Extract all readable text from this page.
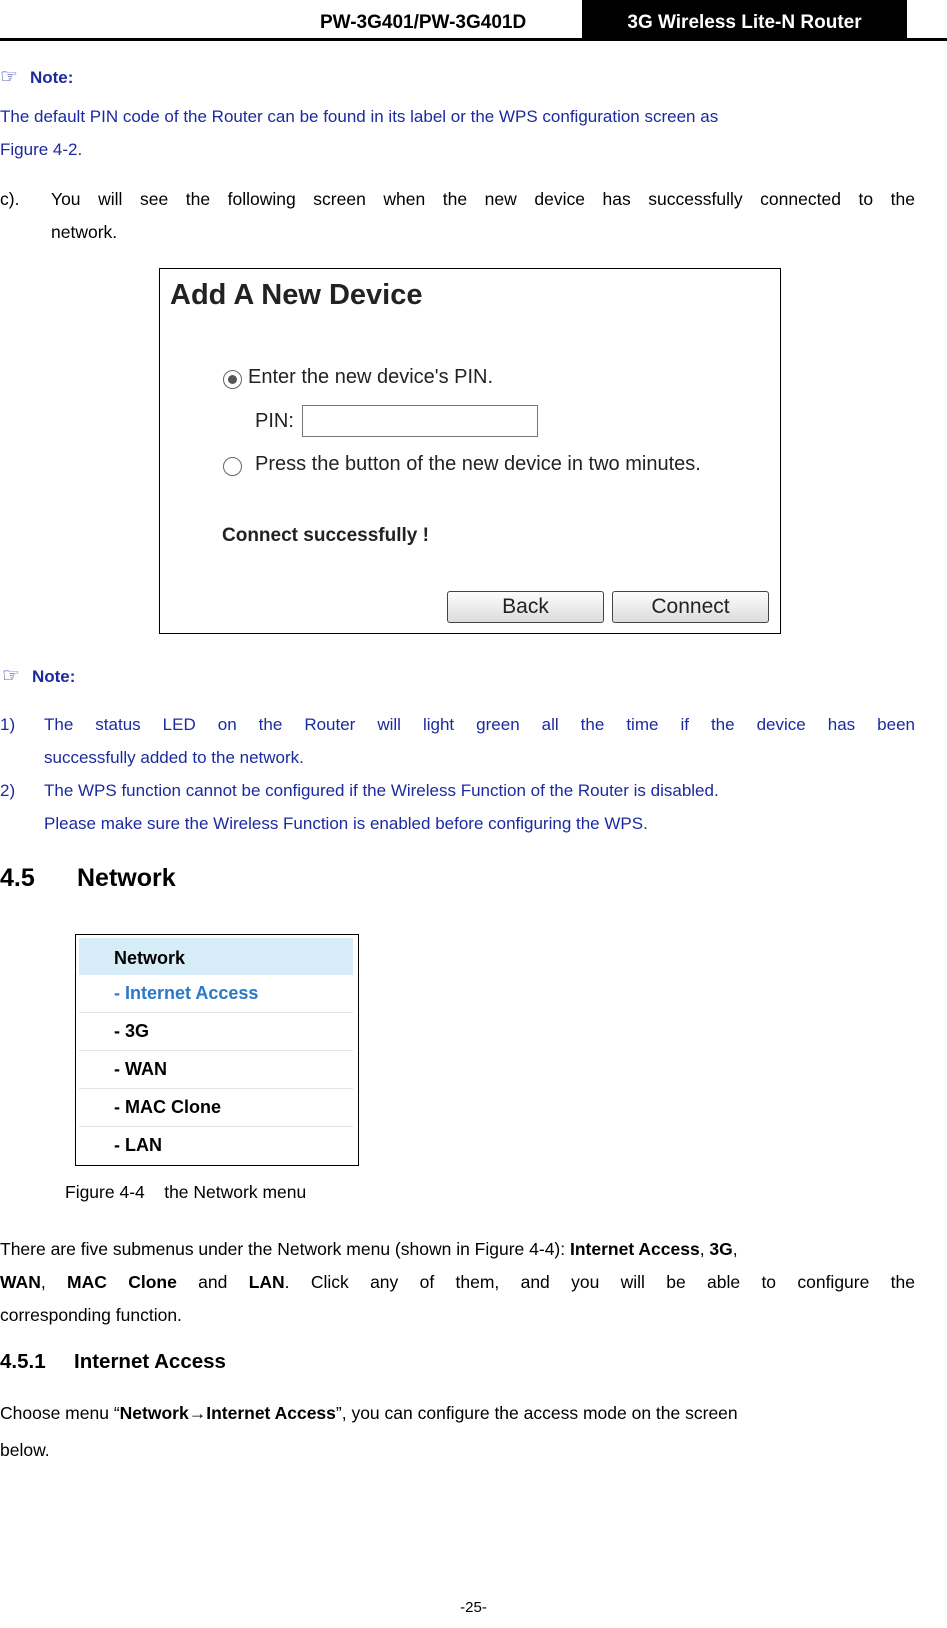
PW-3G401/PW-3G401D	3G Wireless Lite-N Router
☞ Note:
The default PIN code of the Router can be found in its label or the WPS configuration screen as
Figure 4-2.
c). You will see the following screen when the new device has successfully connected to the
network.
Add A New Device
Enter the new device's PIN.
PIN:
Press the button of the new device in two minutes.
Connect successfully !
Back	Connect
☞ Note:
1) The status LED on the Router will light green all the time if the device has been
successfully added to the network.
2) The WPS function cannot be configured if the Wireless Function of the Router is disabled.
Please make sure the Wireless Function is enabled before configuring the WPS.
4.5 Network
Network
- Internet Access
- 3G
- WAN
- MAC Clone
- LAN
Figure 4-4    the Network menu
There are five submenus under the Network menu (shown in Figure 4-4): Internet Access, 3G,
WAN, MAC Clone and LAN. Click any of them, and you will be able to configure the
corresponding function.
4.5.1 Internet Access
Choose menu “Network→Internet Access”, you can configure the access mode on the screen
below.
-25-
